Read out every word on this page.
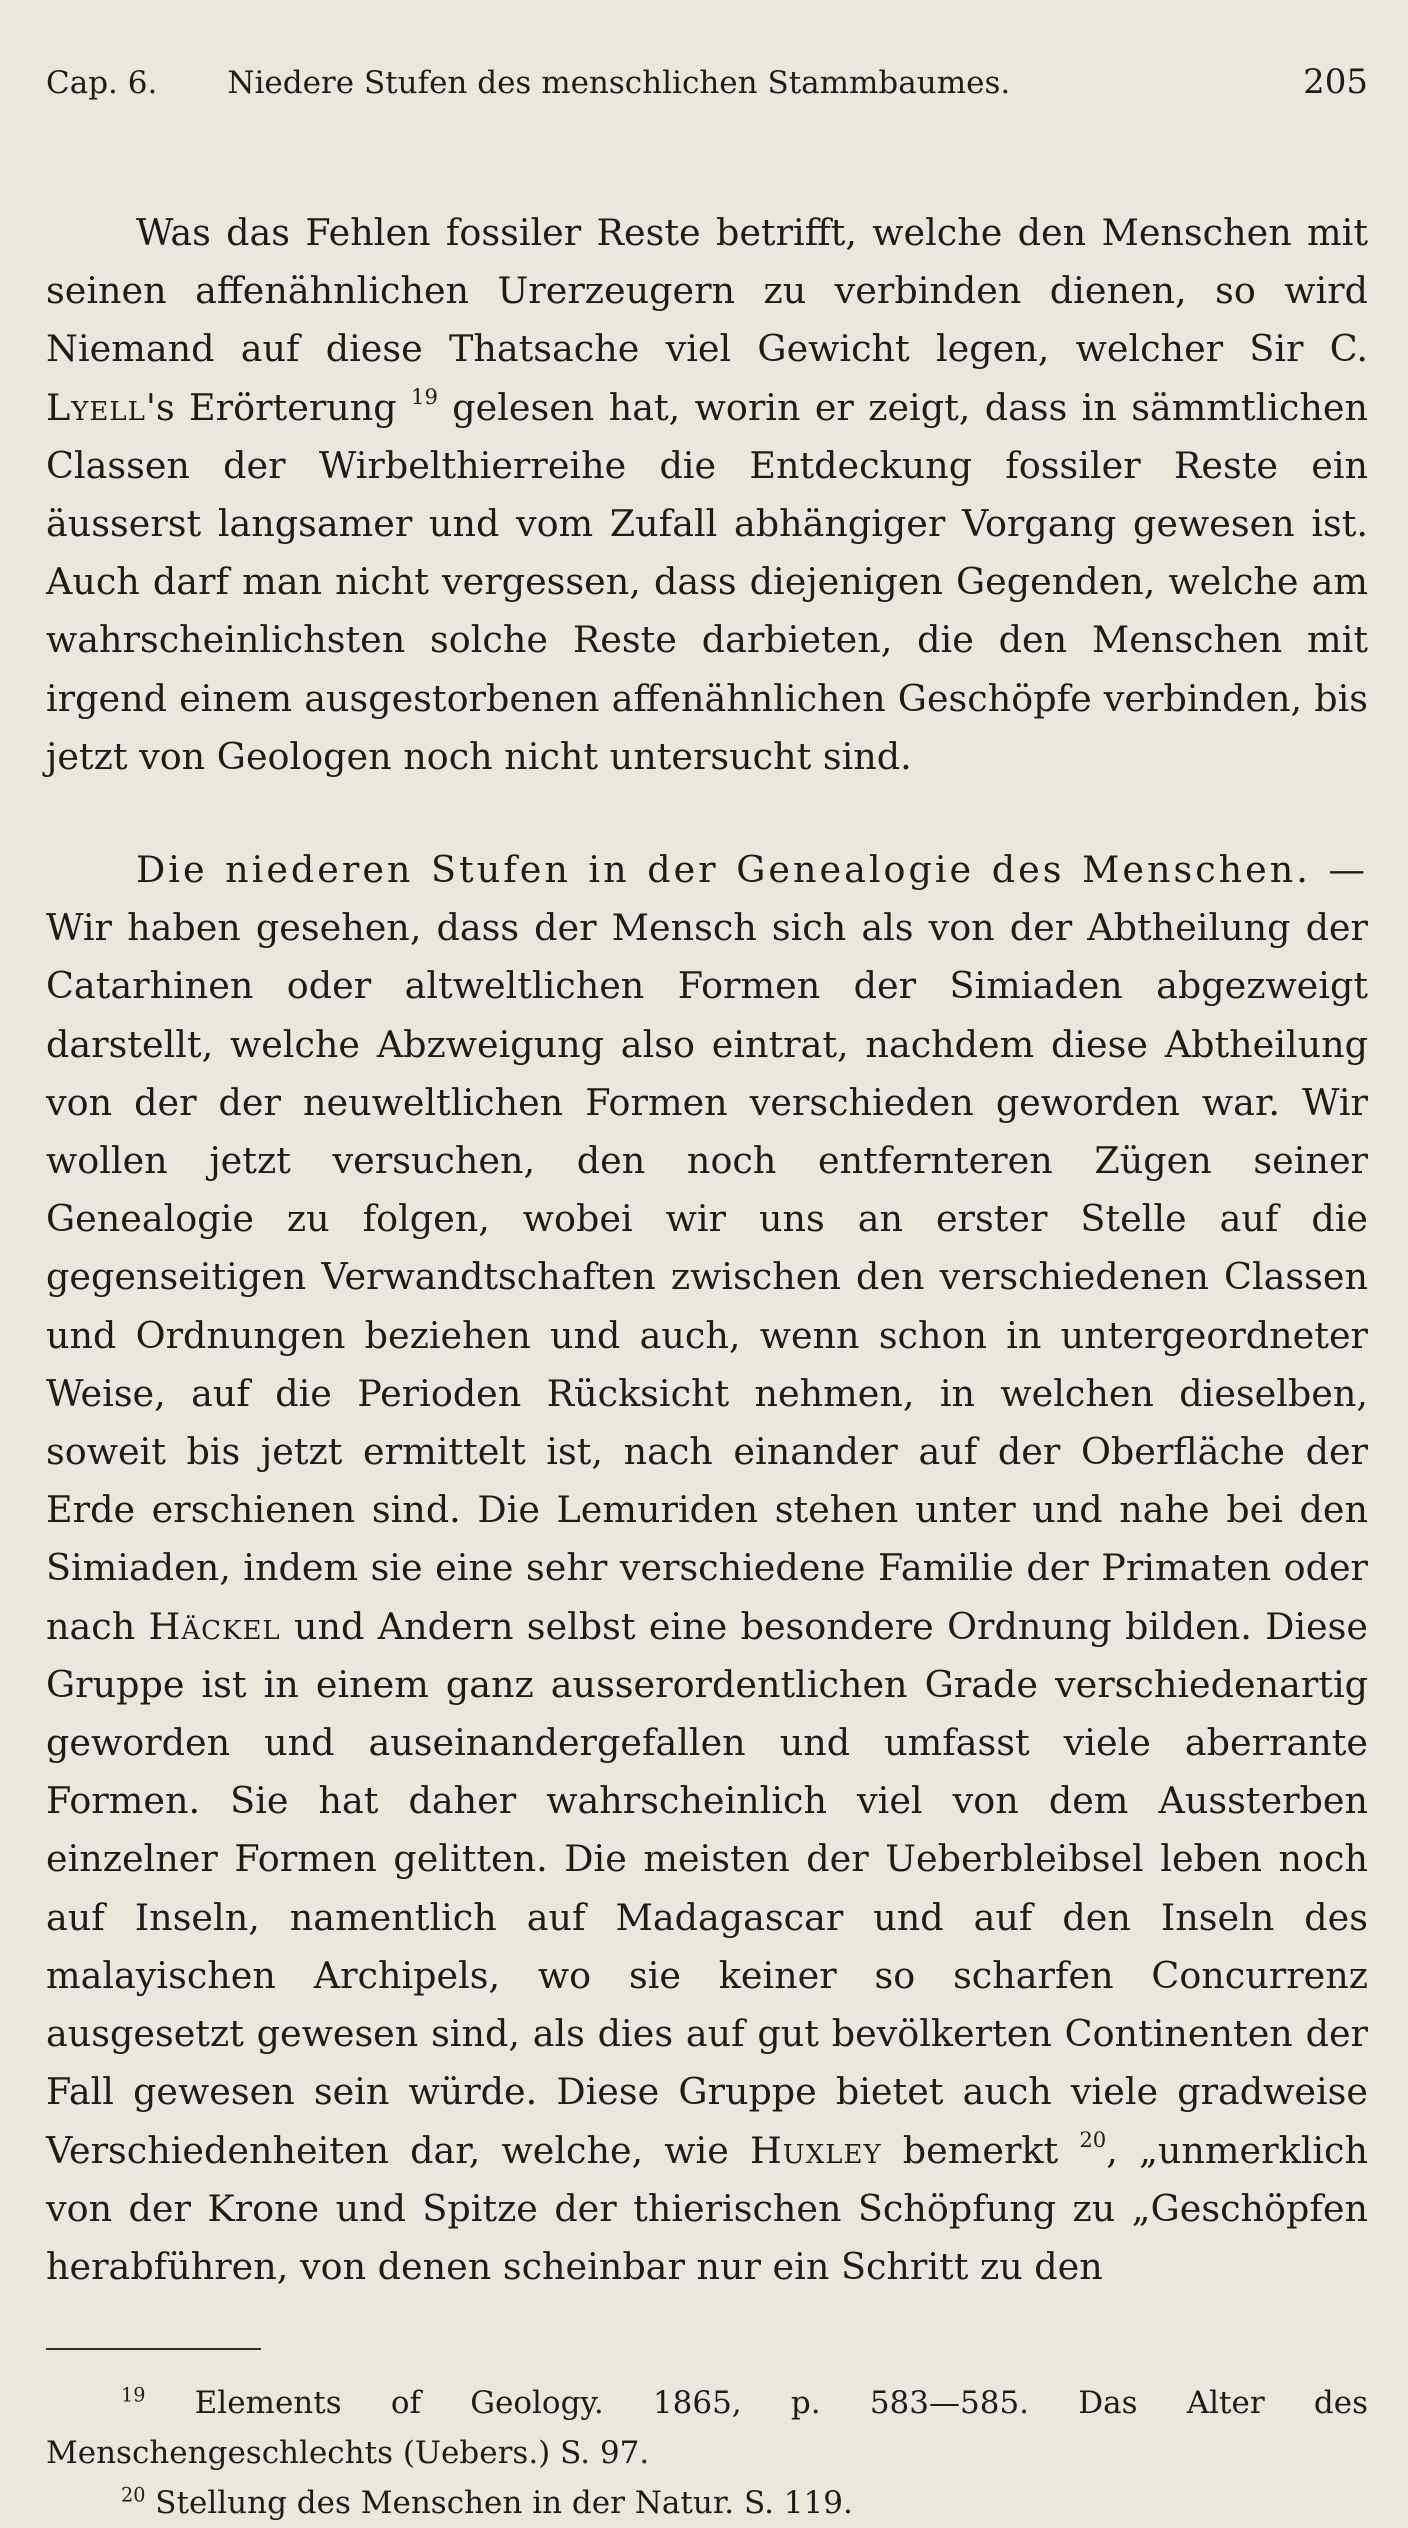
Cap. 6. Niedere Stufen des menschlichen Stammbaumes.	205

Was das Fehlen fossiler Reste betrifft, welche den Menschen mit seinen affenähnlichen Urerzeugern zu verbinden dienen, so wird Niemand auf diese Thatsache viel Gewicht legen, welcher Sir C. Lyell's Erörterung $^{19}$ gelesen hat, worin er zeigt, dass in sämmtlichen Classen der Wirbelthierreihe die Entdeckung fossiler Reste ein äusserst langsamer und vom Zufall abhängiger Vorgang gewesen ist. Auch darf man nicht vergessen, dass diejenigen Gegenden, welche am wahrscheinlichsten solche Reste darbieten, die den Menschen mit irgend einem ausgestorbenen affenähnlichen Geschöpfe verbinden, bis jetzt von Geologen noch nicht untersucht sind.

Die niederen Stufen in der Genealogie des Menschen. — Wir haben gesehen, dass der Mensch sich als von der Abtheilung der Catarhinen oder altweltlichen Formen der Simiaden abgezweigt darstellt, welche Abzweigung also eintrat, nachdem diese Abtheilung von der der neuweltlichen Formen verschieden geworden war. Wir wollen jetzt versuchen, den noch entfernteren Zügen seiner Genealogie zu folgen, wobei wir uns an erster Stelle auf die gegenseitigen Verwandtschaften zwischen den verschiedenen Classen und Ordnungen beziehen und auch, wenn schon in untergeordneter Weise, auf die Perioden Rücksicht nehmen, in welchen dieselben, soweit bis jetzt ermittelt ist, nach einander auf der Oberfläche der Erde erschienen sind. Die Lemuriden stehen unter und nahe bei den Simiaden, indem sie eine sehr verschiedene Familie der Primaten oder nach Häckel und Andern selbst eine besondere Ordnung bilden. Diese Gruppe ist in einem ganz ausserordentlichen Grade verschiedenartig geworden und auseinandergefallen und umfasst viele aberrante Formen. Sie hat daher wahrscheinlich viel von dem Aussterben einzelner Formen gelitten. Die meisten der Ueberbleibsel leben noch auf Inseln, namentlich auf Madagascar und auf den Inseln des malayischen Archipels, wo sie keiner so scharfen Concurrenz ausgesetzt gewesen sind, als dies auf gut bevölkerten Continenten der Fall gewesen sein würde. Diese Gruppe bietet auch viele gradweise Verschiedenheiten dar, welche, wie Huxley bemerkt $^{20}$, „unmerklich von der Krone und Spitze der thierischen Schöpfung zu „Geschöpfen herabführen, von denen scheinbar nur ein Schritt zu den

$^{19}$ Elements of Geology. 1865, p. 583—585. Das Alter des Menschengeschlechts (Uebers.) S. 97.

$^{20}$ Stellung des Menschen in der Natur. S. 119.
